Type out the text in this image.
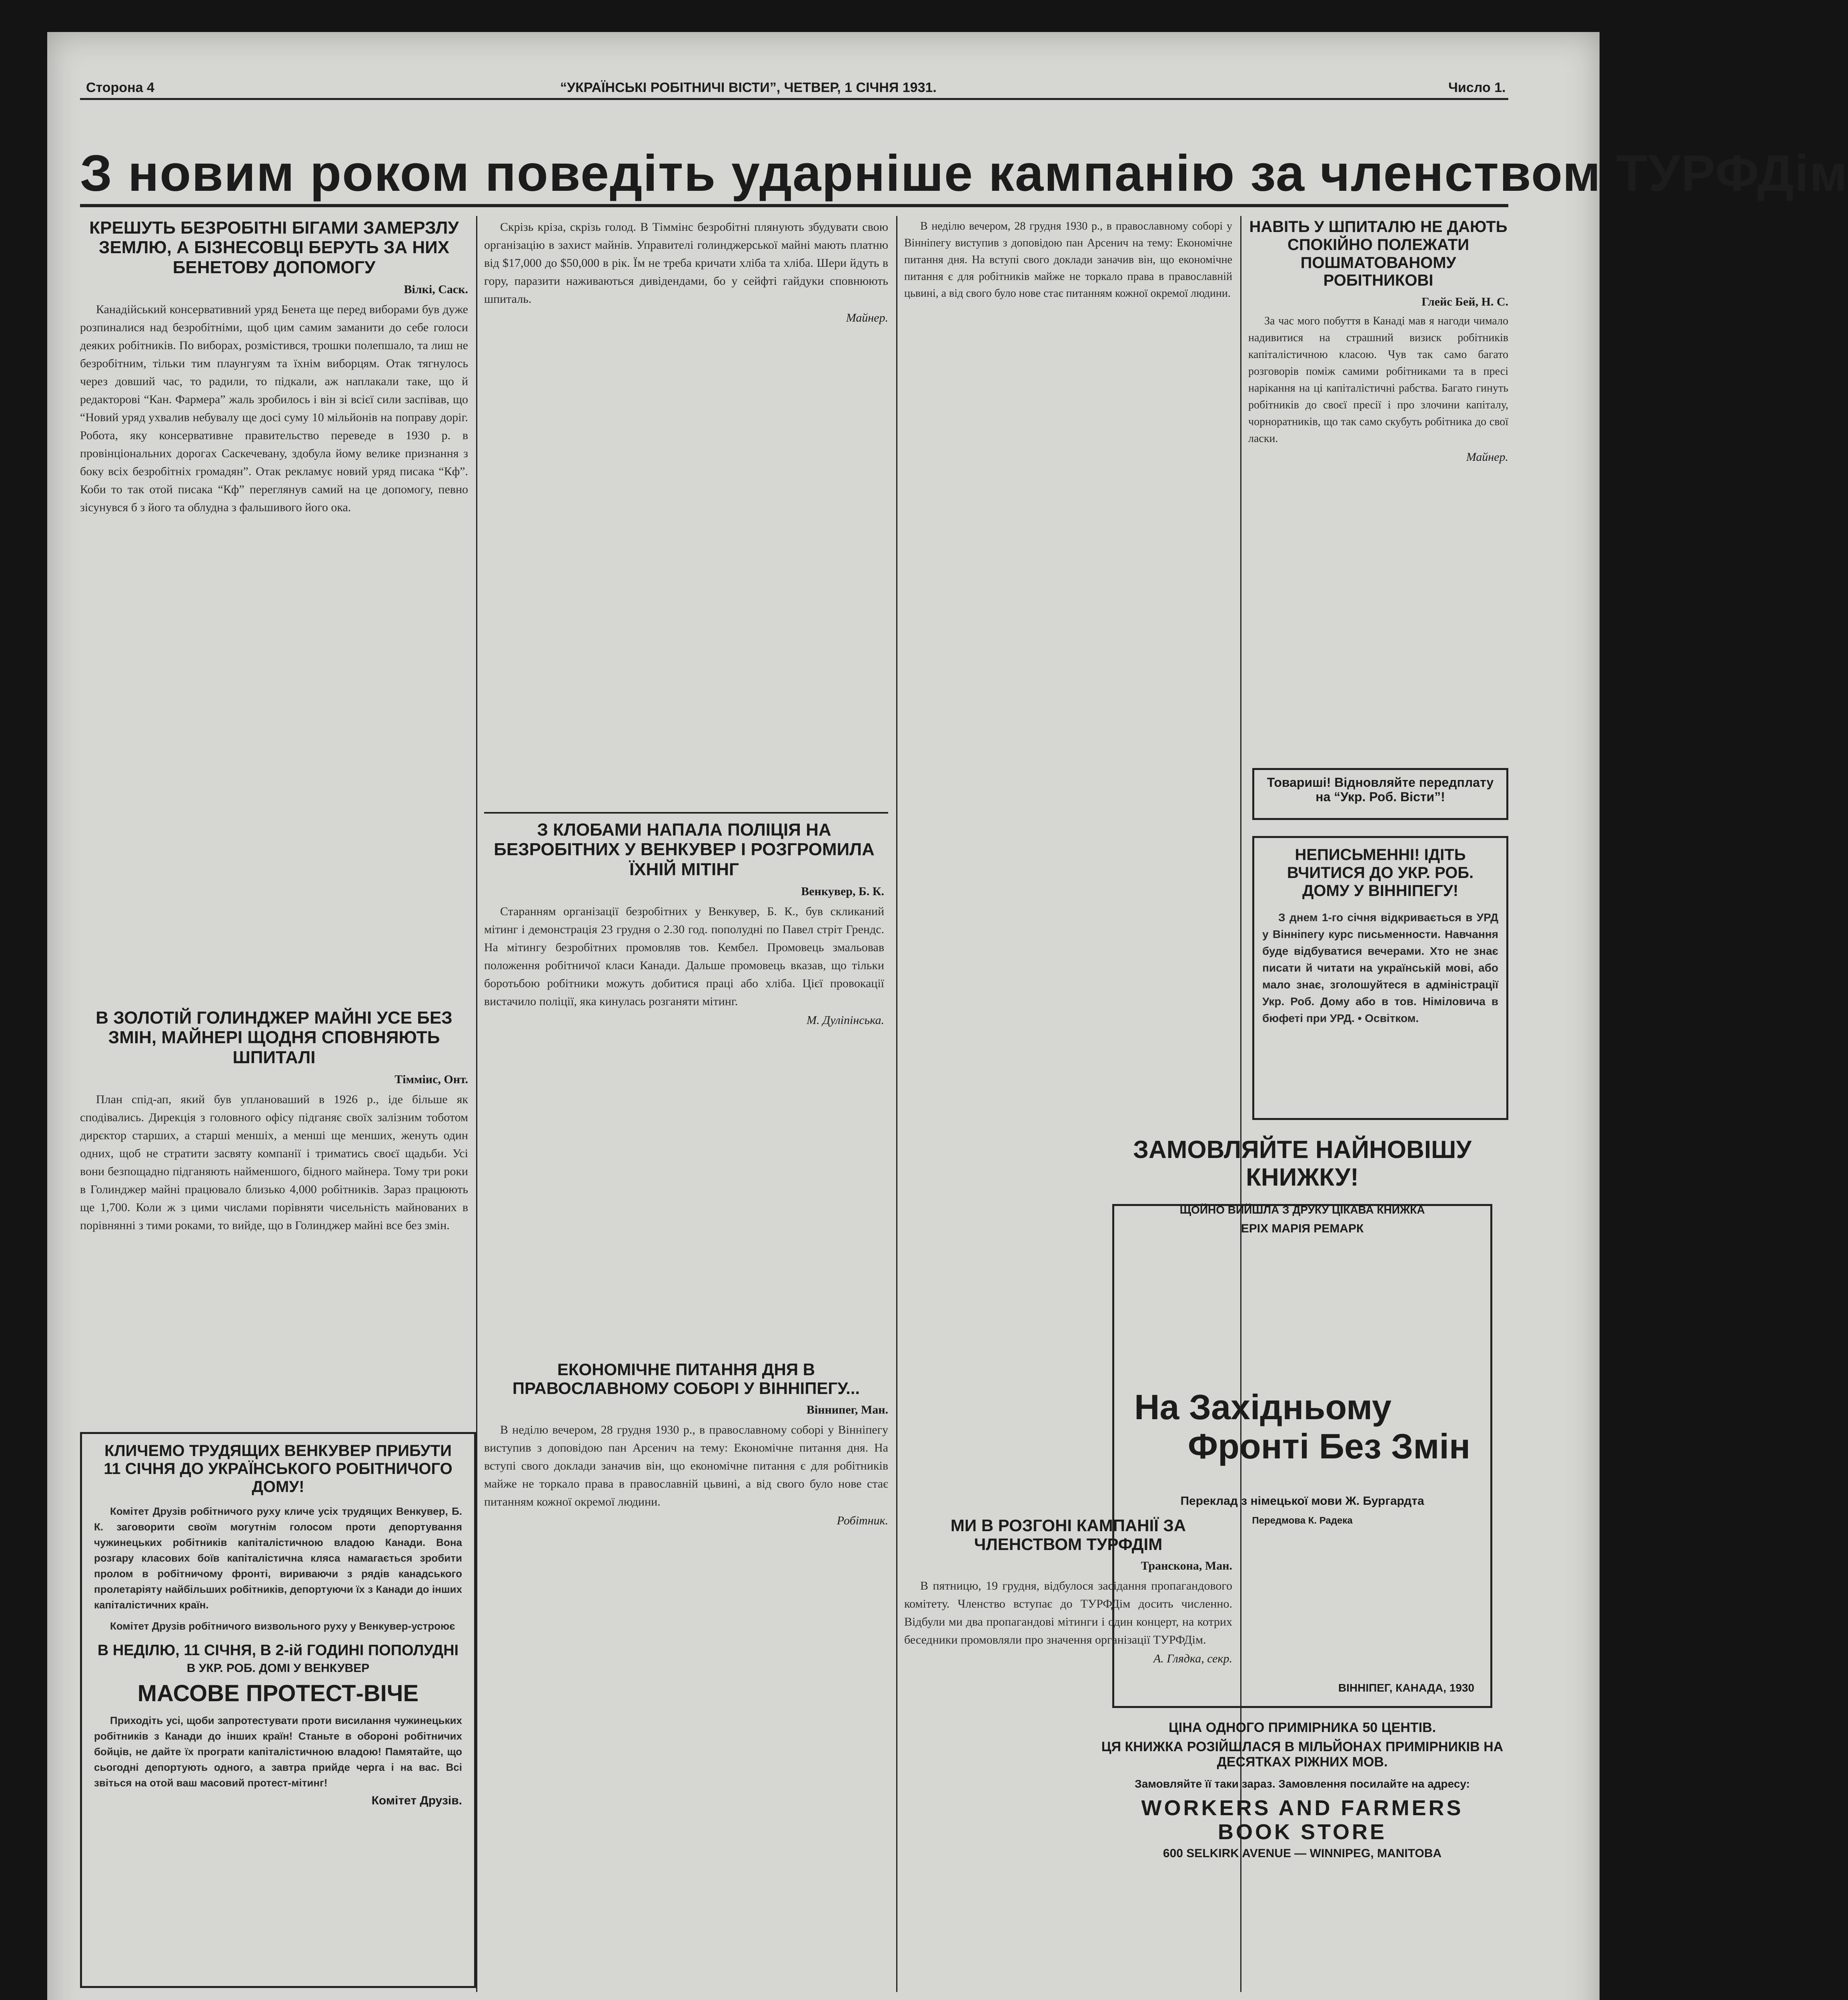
Сторона 4	“УКРАЇНСЬКІ РОБІТНИЧІ ВІСТИ”, ЧЕТВЕР, 1 СІЧНЯ 1931.	Число 1.
З новим роком поведіть ударніше кампанію за членством ТУРФДім
КРЕШУТЬ БЕЗРОБІТНІ БІГАМИ ЗАМЕРЗЛУ ЗЕМЛЮ, А БІЗНЕСОВЦІ БЕРУТЬ ЗА НИХ БЕНЕТОВУ ДОПОМОГУ
Вілкі, Саск.
Канадійський консервативний уряд Бенета ще перед виборами був дуже розпиналися над безробітніми, щоб цим самим заманити до себе голоси деяких робітників. По виборах, розмістився, трошки полепшало, та лиш не безробітним, тільки тим плаунгуям та їхнім виборцям. Отак тягнулось через довший час, то радили, то підкали, аж наплакали таке, що й редакторові “Кан. Фармера” жаль зробилось і він зі всієї сили заспівав, що “Новий уряд ухвалив небувалу ще досі суму 10 мільйонів на поправу доріг. Робота, яку консервативне правительство переведе в 1930 р. в провінціональних дорогах Саскечевану, здобула йому велике признання з боку всіх безробітніх громадян”. Отак рекламує новий уряд писака “Кф”. Коби то так отой писака “Кф” переглянув самий на це допомогу, певно зісунувся б з його та облудна з фальшивого його ока.
Скрізь кріза, скрізь голод. В Тіммінс безробітні плянують збудувати свою організацію в захист майнів. Управителі голинджерської майні мають платню від $17,000 до $50,000 в рік. Їм не треба кричати хліба та хліба. Шери йдуть в гору, паразити наживаються дивідендами, бо у сейфті гайдуки сповнюють шпиталь.
Майнер.
З КЛОБАМИ НАПАЛА ПОЛІЦІЯ НА БЕЗРОБІТНИХ У ВЕНКУВЕР І РОЗГРОМИЛА ЇХНІЙ МІТІНГ
Венкувер, Б. К.
Старанням організації безробітних у Венкувер, Б. К., був скликаний мітинг і демонстрація 23 грудня о 2.30 год. пополудні по Павел стріт Грендс. На мітингу безробітних промовляв тов. Кембел. Промовець змальовав положення робітничої класи Канади. Дальше промовець вказав, що тільки боротьбою робітники можуть добитися праці або хліба. Цієї провокації вистачило поліції, яка кинулась розганяти мітинг.
М. Дуліпінська.
В ЗОЛОТІЙ ГОЛИНДЖЕР МАЙНІ УСЕ БЕЗ ЗМІН, МАЙНЕРІ ЩОДНЯ СПОВНЯЮТЬ ШПИТАЛІ
Тімміис, Онт.
План спід-ап, який був уплановаший в 1926 р., іде більше як сподівались. Дирекція з головного офісу підганяє своїх залізним тоботом дирєктор старших, а старші меншіх, а менші ще менших, женуть один одних, щоб не стратити засвяту компанії і триматись своєї щадьби. Усі вони безпощадно підганяють найменшого, бідного майнера. Тому три роки в Голинджер майні працювало близько 4,000 робітників. Зараз працюють ще 1,700. Коли ж з цими числами порівняти чисельність майнованих в порівнянні з тими роками, то вийде, що в Голинджер майні все без змін.
КЛИЧЕМО ТРУДЯЩИХ ВЕНКУВЕР ПРИБУТИ 11 СІЧНЯ ДО УКРАЇНСЬКОГО РОБІТНИЧОГО ДОМУ!
Комітет Друзів робітничого руху кличе усіх трудящих Венкувер, Б. К. заговорити своїм могутнім голосом проти депортування чужинецьких робітників капіталістичною владою Канади. Вона розгару класових боїв капіталістична кляса намагається зробити пролом в робітничому фронті, вириваючи з рядів канадського пролетаріяту найбільших робітників, депортуючи їх з Канади до інших капіталістичних країн.
Комітет Друзів робітничого визвольного руху у Венкувер-устроює
В НЕДІЛЮ, 11 СІЧНЯ, В 2-ій ГОДИНІ ПОПОЛУДНІ
В УКР. РОБ. ДОМІ У ВЕНКУВЕР
МАСОВЕ ПРОТЕСТ-ВІЧЕ
Приходіть усі, щоби запротестувати проти висилання чужинецьких робітників з Канади до інших країн! Станьте в обороні робітничих бойців, не дайте їх програти капіталістичною владою! Памятайте, що сьогодні депортують одного, а завтра прийде черга і на вас. Всі звіться на отой ваш масовий протест-мітинг!
Комітет Друзів.
ЕКОНОМІЧНЕ ПИТАННЯ ДНЯ В ПРАВОСЛАВНОМУ СОБОРІ У ВІННІПЕГУ...
Віннипег, Ман.
В неділю вечером, 28 грудня 1930 р., в православному соборі у Вінніпегу виступив з доповідою пан Арсенич на тему: Економічне питання дня. На вступі свого доклади заначив він, що економічне питання є для робітників майже не торкало права в православній цьвині, а від свого було нове стає питанням кожної окремої людини.
Робітник.
В неділю вечером, 28 грудня 1930 р., в православному соборі у Вінніпегу виступив з доповідою пан Арсенич на тему: Економічне питання дня. На вступі свого доклади заначив він, що економічне питання є для робітників майже не торкало права в православній цьвині, а від свого було нове стає питанням кожної окремої людини.
МИ В РОЗГОНІ КАМПАНІЇ ЗА ЧЛЕНСТВОМ ТУРФДІМ
Транскона, Ман.
В пятницю, 19 грудня, відбулося засідання пропагандового комітету. Членство вступає до ТУРФДім досить численно. Відбули ми два пропагандові мітинги і один концерт, на котрих беседники промовляли про значення організації ТУРФДім.
А. Глядка, секр.
НАВІТЬ У ШПИТАЛЮ НЕ ДАЮТЬ СПОКІЙНО ПОЛЕЖАТИ ПОШМАТОВАНОМУ РОБІТНИКОВІ
Глейс Бей, Н. С.
За час мого побуття в Канаді мав я нагоди чимало надивитися на страшний визиск робітників капіталістичною класою. Чув так само багато розговорів поміж самими робітниками та в пресі нарікання на ці капіталістичні рабства. Багато гинуть робітників до своєї пресії і про злочини капіталу, чорноратників, що так само скубуть робітника до свої ласки.
Майнер.
Товариші! Відновляйте передплату на “Укр. Роб. Вісти”!
НЕПИСЬМЕННІ! ІДІТЬ ВЧИТИСЯ ДО УКР. РОБ. ДОМУ У ВІННІПЕГУ!
З днем 1-го січня відкривається в УРД у Вінніпегу курс письменности. Навчання буде відбуватися вечерами. Хто не знає писати й читати на українській мові, або мало знає, зголошуйтеся в адміністрації Укр. Роб. Дому або в тов. Німіловича в бюфеті при УРД. • Освітком.
ЗАМОВЛЯЙТЕ НАЙНОВІШУ КНИЖКУ!
ЩОЙНО ВИЙШЛА З ДРУКУ ЦІКАВА КНИЖКА
ЕРІХ МАРІЯ РЕМАРК
На Західньому
Фронті Без Змін
Переклад з німецької мови Ж. Бургардта
Передмова К. Радека
ВІННІПЕГ, КАНАДА, 1930
ЦІНА ОДНОГО ПРИМІРНИКА 50 ЦЕНТІВ.
ЦЯ КНИЖКА РОЗІЙШЛАСЯ В МІЛЬЙОНАХ ПРИМІРНИКІВ НА ДЕСЯТКАХ РІЖНИХ МОВ.
Замовляйте її таки зараз. Замовлення посилайте на адресу:
WORKERS AND FARMERS
BOOK STORE
600 SELKIRK AVENUE — WINNIPEG, MANITOBA
